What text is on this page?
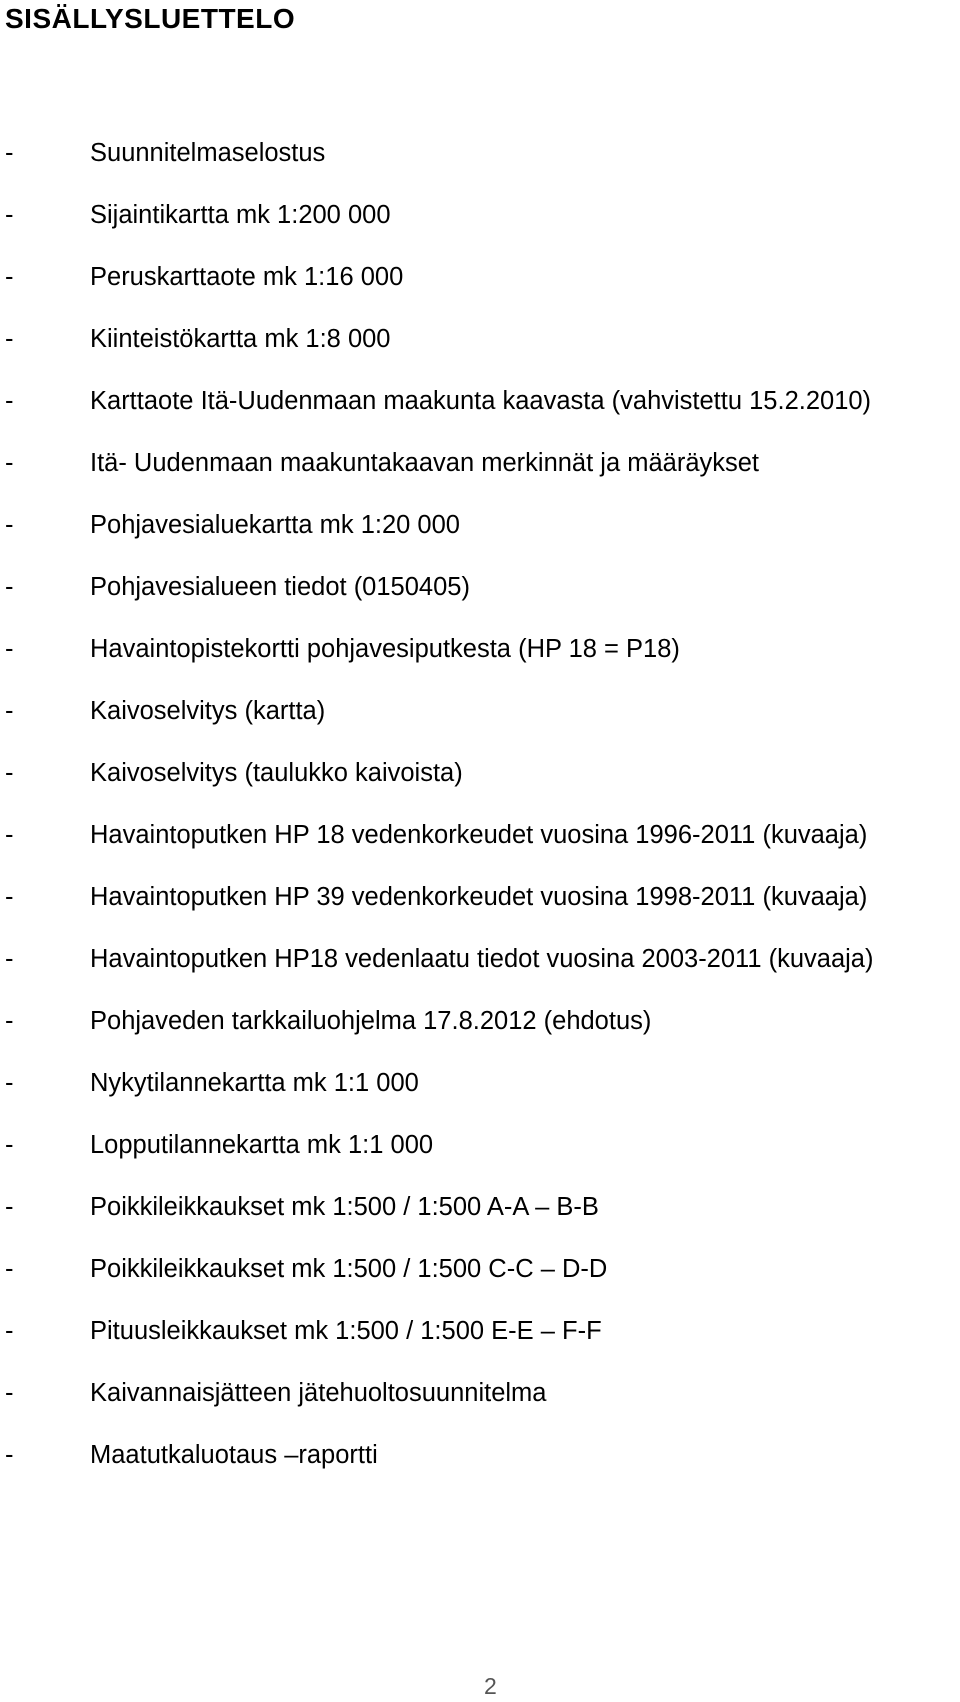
SISÄLLYSLUETTELO
-	Suunnitelmaselostus
-	Sijaintikartta mk 1:200 000
-	Peruskarttaote mk 1:16 000
-	Kiinteistökartta mk 1:8 000
-	Karttaote Itä-Uudenmaan maakunta kaavasta (vahvistettu 15.2.2010)
-	Itä- Uudenmaan maakuntakaavan merkinnät ja määräykset
-	Pohjavesialuekartta mk 1:20 000
-	Pohjavesialueen tiedot (0150405)
-	Havaintopistekortti pohjavesiputkesta (HP 18 = P18)
-	Kaivoselvitys (kartta)
-	Kaivoselvitys (taulukko kaivoista)
-	Havaintoputken HP 18 vedenkorkeudet vuosina 1996-2011 (kuvaaja)
-	Havaintoputken HP 39 vedenkorkeudet vuosina 1998-2011 (kuvaaja)
-	Havaintoputken HP18 vedenlaatu tiedot vuosina 2003-2011 (kuvaaja)
-	Pohjaveden tarkkailuohjelma 17.8.2012 (ehdotus)
-	Nykytilannekartta mk 1:1 000
-	Lopputilannekartta mk 1:1 000
-	Poikkileikkaukset mk 1:500 / 1:500 A-A – B-B
-	Poikkileikkaukset mk 1:500 / 1:500 C-C – D-D
-	Pituusleikkaukset mk 1:500 / 1:500 E-E – F-F
-	Kaivannaisjätteen jätehuoltosuunnitelma
-	Maatutkaluotaus –raportti
2
